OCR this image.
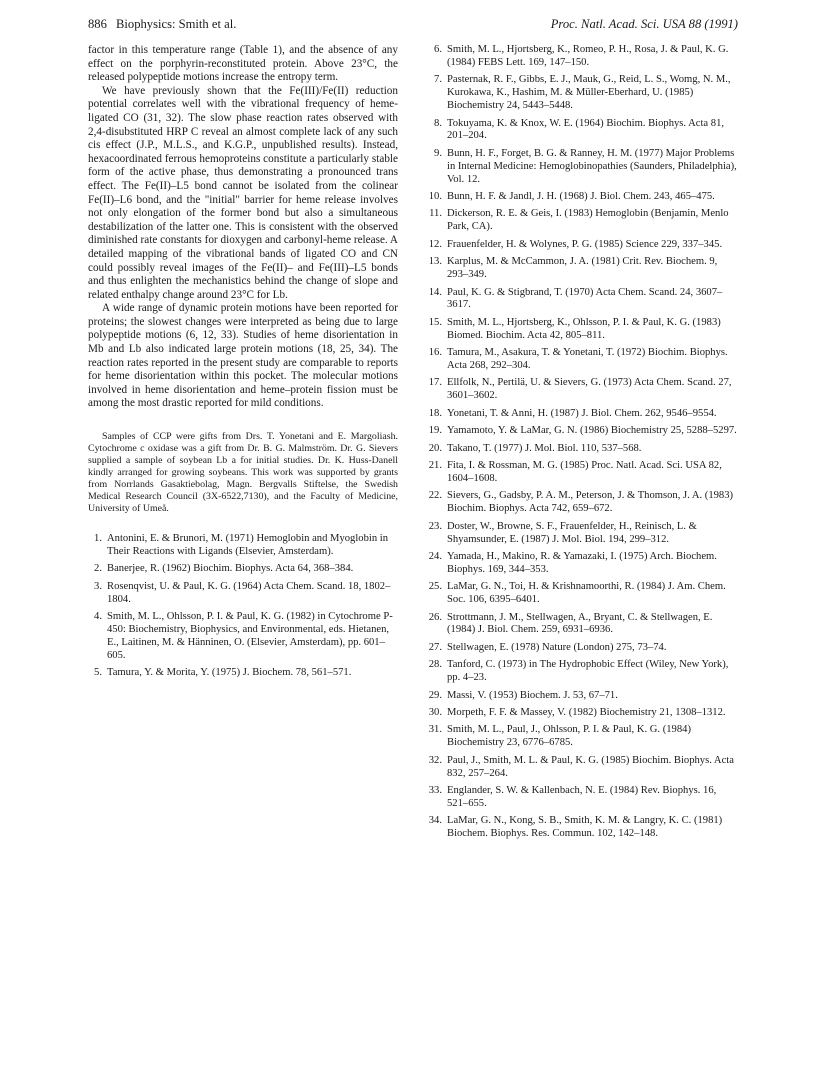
886 Biophysics: Smith et al.	Proc. Natl. Acad. Sci. USA 88 (1991)

factor in this temperature range (Table 1), and the absence of any effect on the porphyrin-reconstituted protein. Above 23°C, the released polypeptide motions increase the entropy term.

We have previously shown that the Fe(III)/Fe(II) reduction potential correlates well with the vibrational frequency of heme-ligated CO (31, 32). The slow phase reaction rates observed with 2,4-disubstituted HRP C reveal an almost complete lack of any such cis effect (J.P., M.L.S., and K.G.P., unpublished results). Instead, hexacoordinated ferrous hemoproteins constitute a particularly stable form of the active phase, thus demonstrating a pronounced trans effect. The Fe(II)–L5 bond cannot be isolated from the colinear Fe(II)–L6 bond, and the "initial" barrier for heme release involves not only elongation of the former bond but also a simultaneous destabilization of the latter one. This is consistent with the observed diminished rate constants for dioxygen and carbonyl-heme release. A detailed mapping of the vibrational bands of ligated CO and CN could possibly reveal images of the Fe(II)– and Fe(III)–L5 bonds and thus enlighten the mechanistics behind the change of slope and related enthalpy change around 23°C for Lb.

A wide range of dynamic protein motions have been reported for proteins; the slowest changes were interpreted as being due to large polypeptide motions (6, 12, 33). Studies of heme disorientation in Mb and Lb also indicated large protein motions (18, 25, 34). The reaction rates reported in the present study are comparable to reports for heme disorientation within this pocket. The molecular motions involved in heme disorientation and heme–protein fission must be among the most drastic reported for mild conditions.

Samples of CCP were gifts from Drs. T. Yonetani and E. Margoliash. Cytochrome c oxidase was a gift from Dr. B. G. Malmström. Dr. G. Sievers supplied a sample of soybean Lb a for initial studies. Dr. K. Huss-Danell kindly arranged for growing soybeans. This work was supported by grants from Norrlands Gasaktiebolag, Magn. Bergvalls Stiftelse, the Swedish Medical Research Council (3X-6522,7130), and the Faculty of Medicine, University of Umeå.

1. Antonini, E. & Brunori, M. (1971) Hemoglobin and Myoglobin in Their Reactions with Ligands (Elsevier, Amsterdam).
2. Banerjee, R. (1962) Biochim. Biophys. Acta 64, 368–384.
3. Rosenqvist, U. & Paul, K. G. (1964) Acta Chem. Scand. 18, 1802–1804.
4. Smith, M. L., Ohlsson, P. I. & Paul, K. G. (1982) in Cytochrome P-450: Biochemistry, Biophysics, and Environmental, eds. Hietanen, E., Laitinen, M. & Hänninen, O. (Elsevier, Amsterdam), pp. 601–605.
5. Tamura, Y. & Morita, Y. (1975) J. Biochem. 78, 561–571.
6. Smith, M. L., Hjortsberg, K., Romeo, P. H., Rosa, J. & Paul, K. G. (1984) FEBS Lett. 169, 147–150.
7. Pasternak, R. F., Gibbs, E. J., Mauk, G., Reid, L. S., Womg, N. M., Kurokawa, K., Hashim, M. & Müller-Eberhard, U. (1985) Biochemistry 24, 5443–5448.
8. Tokuyama, K. & Knox, W. E. (1964) Biochim. Biophys. Acta 81, 201–204.
9. Bunn, H. F., Forget, B. G. & Ranney, H. M. (1977) Major Problems in Internal Medicine: Hemoglobinopathies (Saunders, Philadelphia), Vol. 12.
10. Bunn, H. F. & Jandl, J. H. (1968) J. Biol. Chem. 243, 465–475.
11. Dickerson, R. E. & Geis, I. (1983) Hemoglobin (Benjamin, Menlo Park, CA).
12. Frauenfelder, H. & Wolynes, P. G. (1985) Science 229, 337–345.
13. Karplus, M. & McCammon, J. A. (1981) Crit. Rev. Biochem. 9, 293–349.
14. Paul, K. G. & Stigbrand, T. (1970) Acta Chem. Scand. 24, 3607–3617.
15. Smith, M. L., Hjortsberg, K., Ohlsson, P. I. & Paul, K. G. (1983) Biomed. Biochim. Acta 42, 805–811.
16. Tamura, M., Asakura, T. & Yonetani, T. (1972) Biochim. Biophys. Acta 268, 292–304.
17. Ellfolk, N., Pertilä, U. & Sievers, G. (1973) Acta Chem. Scand. 27, 3601–3602.
18. Yonetani, T. & Anni, H. (1987) J. Biol. Chem. 262, 9546–9554.
19. Yamamoto, Y. & LaMar, G. N. (1986) Biochemistry 25, 5288–5297.
20. Takano, T. (1977) J. Mol. Biol. 110, 537–568.
21. Fita, I. & Rossman, M. G. (1985) Proc. Natl. Acad. Sci. USA 82, 1604–1608.
22. Sievers, G., Gadsby, P. A. M., Peterson, J. & Thomson, J. A. (1983) Biochim. Biophys. Acta 742, 659–672.
23. Doster, W., Browne, S. F., Frauenfelder, H., Reinisch, L. & Shyamsunder, E. (1987) J. Mol. Biol. 194, 299–312.
24. Yamada, H., Makino, R. & Yamazaki, I. (1975) Arch. Biochem. Biophys. 169, 344–353.
25. LaMar, G. N., Toi, H. & Krishnamoorthi, R. (1984) J. Am. Chem. Soc. 106, 6395–6401.
26. Strottmann, J. M., Stellwagen, A., Bryant, C. & Stellwagen, E. (1984) J. Biol. Chem. 259, 6931–6936.
27. Stellwagen, E. (1978) Nature (London) 275, 73–74.
28. Tanford, C. (1973) in The Hydrophobic Effect (Wiley, New York), pp. 4–23.
29. Massi, V. (1953) Biochem. J. 53, 67–71.
30. Morpeth, F. F. & Massey, V. (1982) Biochemistry 21, 1308–1312.
31. Smith, M. L., Paul, J., Ohlsson, P. I. & Paul, K. G. (1984) Biochemistry 23, 6776–6785.
32. Paul, J., Smith, M. L. & Paul, K. G. (1985) Biochim. Biophys. Acta 832, 257–264.
33. Englander, S. W. & Kallenbach, N. E. (1984) Rev. Biophys. 16, 521–655.
34. LaMar, G. N., Kong, S. B., Smith, K. M. & Langry, K. C. (1981) Biochem. Biophys. Res. Commun. 102, 142–148.
